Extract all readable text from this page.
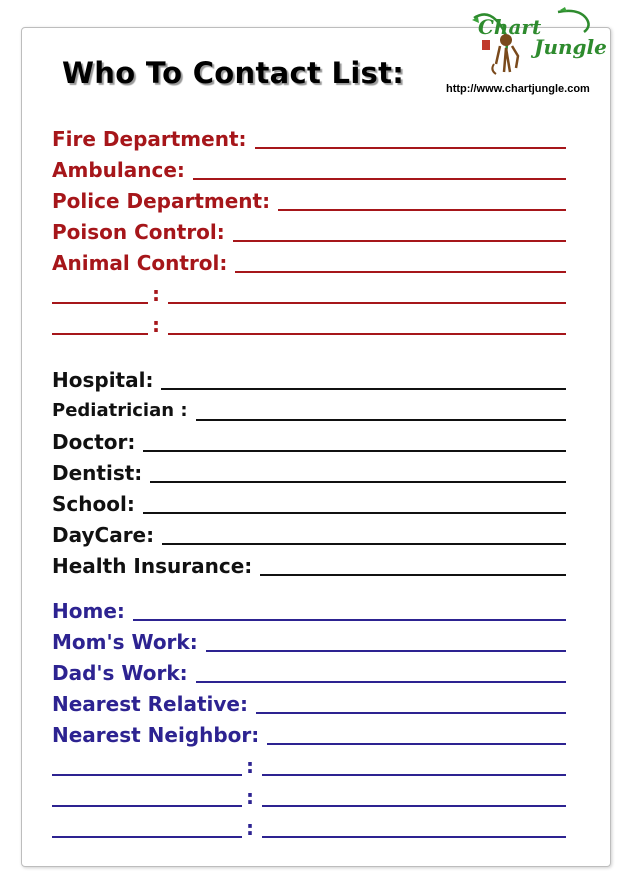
Who To Contact List:
Chart
Jungle
http://www.chartjungle.com
Fire Department:
Ambulance:
Police Department:
Poison Control:
Animal Control:
:
:
Hospital:
Pediatrician :
Doctor:
Dentist:
School:
DayCare:
Health Insurance:
Home:
Mom's Work:
Dad's Work:
Nearest Relative:
Nearest Neighbor:
:
:
:
